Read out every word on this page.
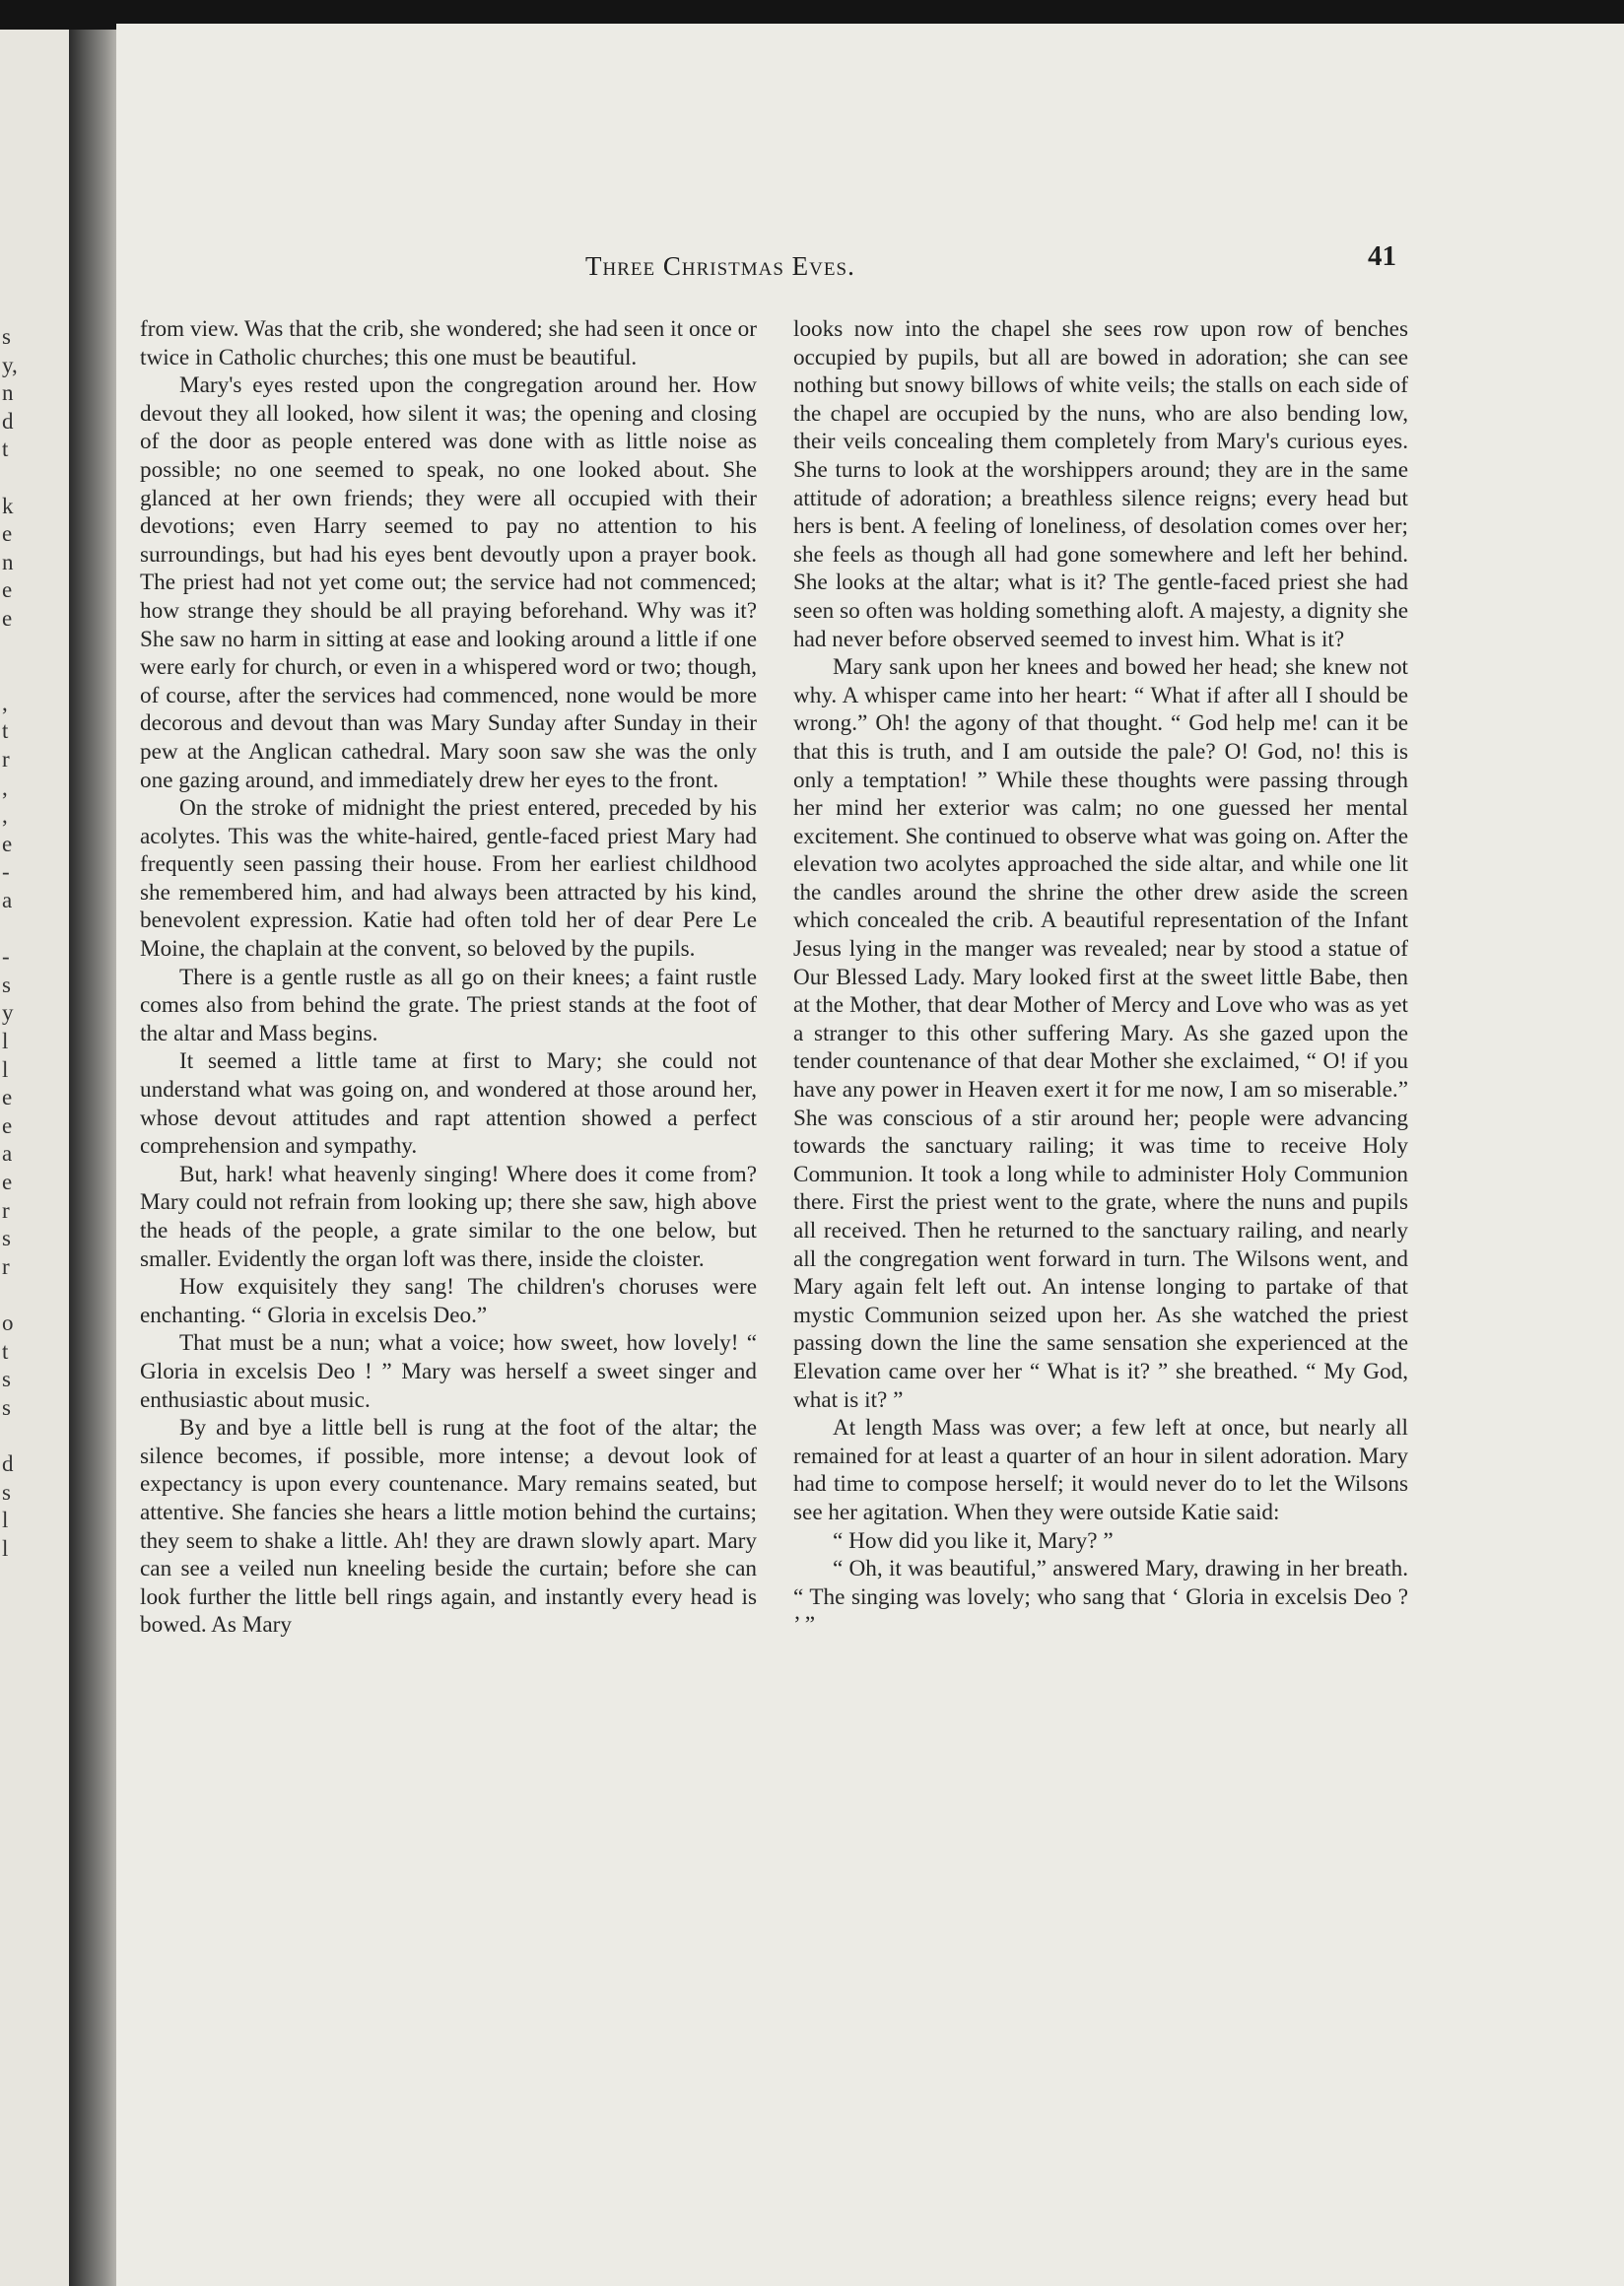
s
y,
n
d
t
k
e
n
e
e
,
t
r
,
,
e
-
a
-
s
y
l
l
e
e
a
e
r
s
r
o
t
s
s
d
s
l
l
Three Christmas Eves.	41

from view. Was that the crib, she wondered; she had seen it once or twice in Catholic churches; this one must be beautiful.

Mary's eyes rested upon the congregation around her. How devout they all looked, how silent it was; the opening and closing of the door as people entered was done with as little noise as possible; no one seemed to speak, no one looked about. She glanced at her own friends; they were all occupied with their devotions; even Harry seemed to pay no attention to his surroundings, but had his eyes bent devoutly upon a prayer book. The priest had not yet come out; the service had not commenced; how strange they should be all praying beforehand. Why was it? She saw no harm in sitting at ease and looking around a little if one were early for church, or even in a whispered word or two; though, of course, after the services had commenced, none would be more decorous and devout than was Mary Sunday after Sunday in their pew at the Anglican cathedral. Mary soon saw she was the only one gazing around, and immediately drew her eyes to the front.

On the stroke of midnight the priest entered, preceded by his acolytes. This was the white-haired, gentle-faced priest Mary had frequently seen passing their house. From her earliest childhood she remembered him, and had always been attracted by his kind, benevolent expression. Katie had often told her of dear Pere Le Moine, the chaplain at the convent, so beloved by the pupils.

There is a gentle rustle as all go on their knees; a faint rustle comes also from behind the grate. The priest stands at the foot of the altar and Mass begins.

It seemed a little tame at first to Mary; she could not understand what was going on, and wondered at those around her, whose devout attitudes and rapt attention showed a perfect comprehension and sympathy.

But, hark! what heavenly singing! Where does it come from? Mary could not refrain from looking up; there she saw, high above the heads of the people, a grate similar to the one below, but smaller. Evidently the organ loft was there, inside the cloister.

How exquisitely they sang! The children's choruses were enchanting. “ Gloria in excelsis Deo.”

That must be a nun; what a voice; how sweet, how lovely! “ Gloria in excelsis Deo ! ” Mary was herself a sweet singer and enthusiastic about music.

By and bye a little bell is rung at the foot of the altar; the silence becomes, if possible, more intense; a devout look of expectancy is upon every countenance. Mary remains seated, but attentive. She fancies she hears a little motion behind the curtains; they seem to shake a little. Ah! they are drawn slowly apart. Mary can see a veiled nun kneeling beside the curtain; before she can look further the little bell rings again, and instantly every head is bowed. As Mary

looks now into the chapel she sees row upon row of benches occupied by pupils, but all are bowed in adoration; she can see nothing but snowy billows of white veils; the stalls on each side of the chapel are occupied by the nuns, who are also bending low, their veils concealing them completely from Mary's curious eyes. She turns to look at the worshippers around; they are in the same attitude of adoration; a breathless silence reigns; every head but hers is bent. A feeling of loneliness, of desolation comes over her; she feels as though all had gone somewhere and left her behind. She looks at the altar; what is it? The gentle-faced priest she had seen so often was holding something aloft. A majesty, a dignity she had never before observed seemed to invest him. What is it?

Mary sank upon her knees and bowed her head; she knew not why. A whisper came into her heart: “ What if after all I should be wrong.” Oh! the agony of that thought. “ God help me! can it be that this is truth, and I am outside the pale? O! God, no! this is only a temptation! ” While these thoughts were passing through her mind her exterior was calm; no one guessed her mental excitement. She continued to observe what was going on. After the elevation two acolytes approached the side altar, and while one lit the candles around the shrine the other drew aside the screen which concealed the crib. A beautiful representation of the Infant Jesus lying in the manger was revealed; near by stood a statue of Our Blessed Lady. Mary looked first at the sweet little Babe, then at the Mother, that dear Mother of Mercy and Love who was as yet a stranger to this other suffering Mary. As she gazed upon the tender countenance of that dear Mother she exclaimed, “ O! if you have any power in Heaven exert it for me now, I am so miserable.” She was conscious of a stir around her; people were advancing towards the sanctuary railing; it was time to receive Holy Communion. It took a long while to administer Holy Communion there. First the priest went to the grate, where the nuns and pupils all received. Then he returned to the sanctuary railing, and nearly all the congregation went forward in turn. The Wilsons went, and Mary again felt left out. An intense longing to partake of that mystic Communion seized upon her. As she watched the priest passing down the line the same sensation she experienced at the Elevation came over her “ What is it? ” she breathed. “ My God, what is it? ”

At length Mass was over; a few left at once, but nearly all remained for at least a quarter of an hour in silent adoration. Mary had time to compose herself; it would never do to let the Wilsons see her agitation. When they were outside Katie said:

“ How did you like it, Mary? ”

“ Oh, it was beautiful,” answered Mary, drawing in her breath. “ The singing was lovely; who sang that ‘ Gloria in excelsis Deo ? ’ ”
